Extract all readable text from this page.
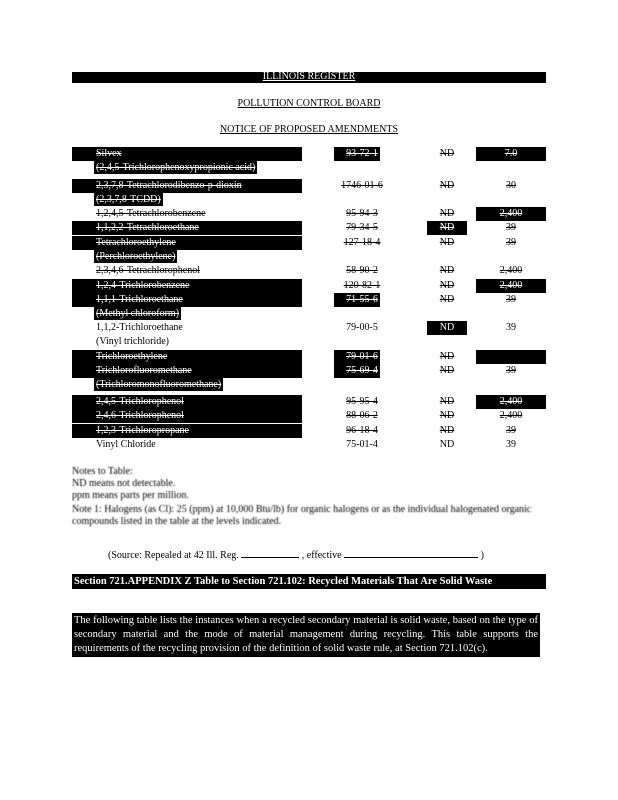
ILLINOIS REGISTER
POLLUTION CONTROL BOARD
NOTICE OF PROPOSED AMENDMENTS
Silvex	93-72-1	ND	7.0
(2,4,5-Trichlorophenoxypropionic acid)
2,3,7,8-Tetrachlorodibenzo-p-dioxin	1746-01-6	ND	30
(2,3,7,8-TCDD)
1,2,4,5-Tetrachlorobenzene	95-94-3	ND	2,400
1,1,2,2-Tetrachloroethane	79-34-5	ND	39
Tetrachloroethylene	127-18-4	ND	39
(Perchloroethylene)
2,3,4,6-Tetrachlorophenol	58-90-2	ND	2,400
1,2,4-Trichlorobenzene	120-82-1	ND	2,400
1,1,1-Trichloroethane	71-55-6	ND	39
(Methyl chloroform)
1,1,2-Trichloroethane	79-00-5	ND	39
(Vinyl trichloride)
Trichloroethylene	79-01-6	ND	39
Trichlorofluoromethane	75-69-4	ND	39
(Trichloromonofluoromethane)
2,4,5-Trichlorophenol	95-95-4	ND	2,400
2,4,6-Trichlorophenol	88-06-2	ND	2,400
1,2,3-Trichloropropane	96-18-4	ND	39
Vinyl Chloride	75-01-4	ND	39
Notes to Table:
ND means not detectable.
ppm means parts per million.
Note 1: Halogens (as Cl): 25 (ppm) at 10,000 Btu/lb) for organic halogens or as the individual halogenated organic compounds listed in the table at the levels indicated.
(Source: Repealed at 42 Ill. Reg.	, effective	)
Section 721.APPENDIX Z Table to Section 721.102: Recycled Materials That Are Solid Waste
The following table lists the instances when a recycled secondary material is solid waste, based on the type of secondary material and the mode of material management during recycling. This table supports the requirements of the recycling provision of the definition of solid waste rule, at Section 721.102(c).
